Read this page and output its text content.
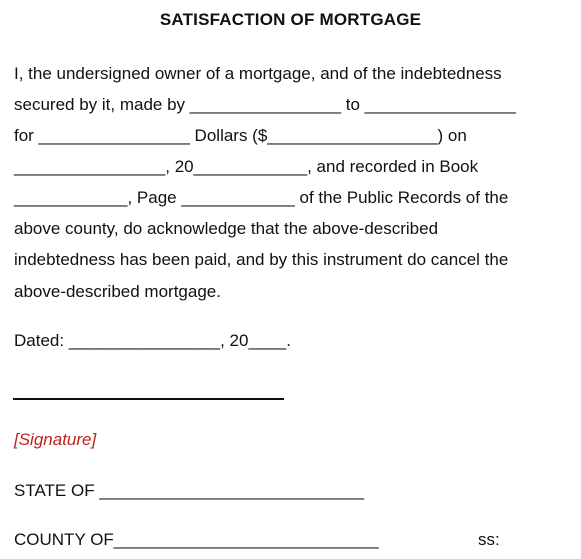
SATISFACTION OF MORTGAGE
I, the undersigned owner of a mortgage, and of the indebtedness
secured by it, made by ________________ to ________________
for ________________ Dollars ($__________________) on
________________, 20____________, and recorded in Book
____________, Page ____________ of the Public Records of the
above county, do acknowledge that the above-described
indebtedness has been paid, and by this instrument do cancel the
above-described mortgage.
Dated: ________________, 20____.
[Signature]
STATE OF ____________________________
COUNTY OF____________________________	ss:
